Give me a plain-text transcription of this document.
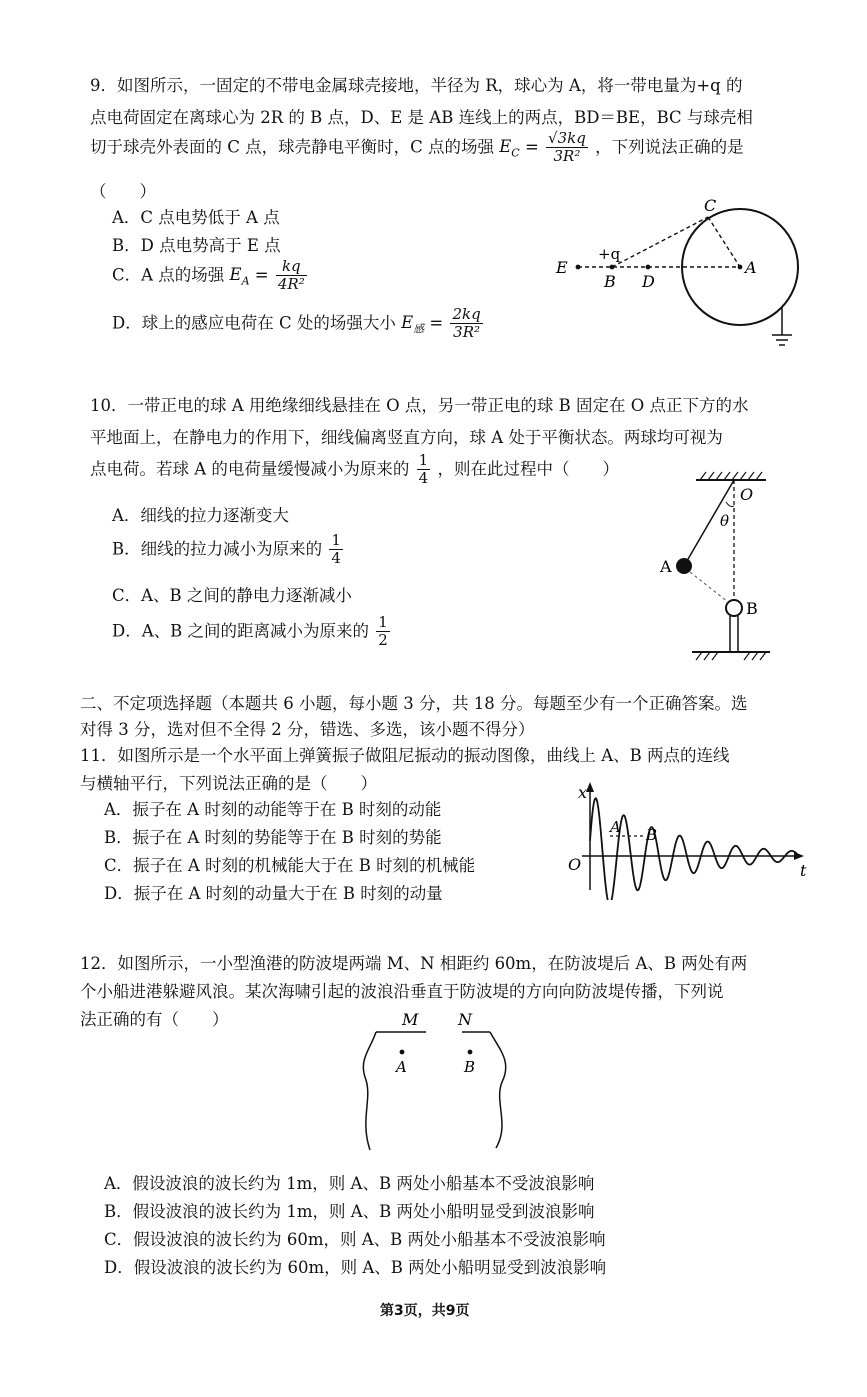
9．如图所示，一固定的不带电金属球壳接地，半径为 R，球心为 A，将一带电量为+q 的
点电荷固定在离球心为 2R 的 B 点，D、E 是 AB 连线上的两点，BD＝BE，BC 与球壳相
切于球壳外表面的 C 点，球壳静电平衡时，C 点的场强 $E_C = \frac{√3kq}{\text{3R²}}$ ，下列说法正确的是
（　　）
A．C 点电势低于 A 点
B．D 点电势高于 E 点
C．A 点的场强 $E_A = \frac{kq}{\text{4R²}}$
D．球上的感应电荷在 C 处的场强大小 $E_感 = \frac{2kq}{\text{3R²}}$
C
E
+q
B D
A
10．一带正电的球 A 用绝缘细线悬挂在 O 点，另一带正电的球 B 固定在 O 点正下方的水
平地面上，在静电力的作用下，细线偏离竖直方向，球 A 处于平衡状态。两球均可视为
点电荷。若球 A 的电荷量缓慢减小为原来的 $\frac{1}{4}$ ，则在此过程中（　　）
A．细线的拉力逐渐变大
B．细线的拉力减小为原来的 $\frac{1}{4}$
C．A、B 之间的静电力逐渐减小
D．A、B 之间的距离减小为原来的 $\frac{1}{2}$
O
θ
A
B
二、不定项选择题（本题共 6 小题，每小题 3 分，共 18 分。每题至少有一个正确答案。选
对得 3 分，选对但不全得 2 分，错选、多选，该小题不得分）
11．如图所示是一个水平面上弹簧振子做阻尼振动的振动图像，曲线上 A、B 两点的连线
与横轴平行，下列说法正确的是（　　）
A．振子在 A 时刻的动能等于在 B 时刻的动能
B．振子在 A 时刻的势能等于在 B 时刻的势能
C．振子在 A 时刻的机械能大于在 B 时刻的机械能
D．振子在 A 时刻的动量大于在 B 时刻的动量
x
O	t
A B
12．如图所示，一小型渔港的防波堤两端 M、N 相距约 60m，在防波堤后 A、B 两处有两
个小船进港躲避风浪。某次海啸引起的波浪沿垂直于防波堤的方向向防波堤传播，下列说
法正确的有（　　）	M N
A	B
A．假设波浪的波长约为 1m，则 A、B 两处小船基本不受波浪影响
B．假设波浪的波长约为 1m，则 A、B 两处小船明显受到波浪影响
C．假设波浪的波长约为 60m，则 A、B 两处小船基本不受波浪影响
D．假设波浪的波长约为 60m，则 A、B 两处小船明显受到波浪影响
第3页，共9页
